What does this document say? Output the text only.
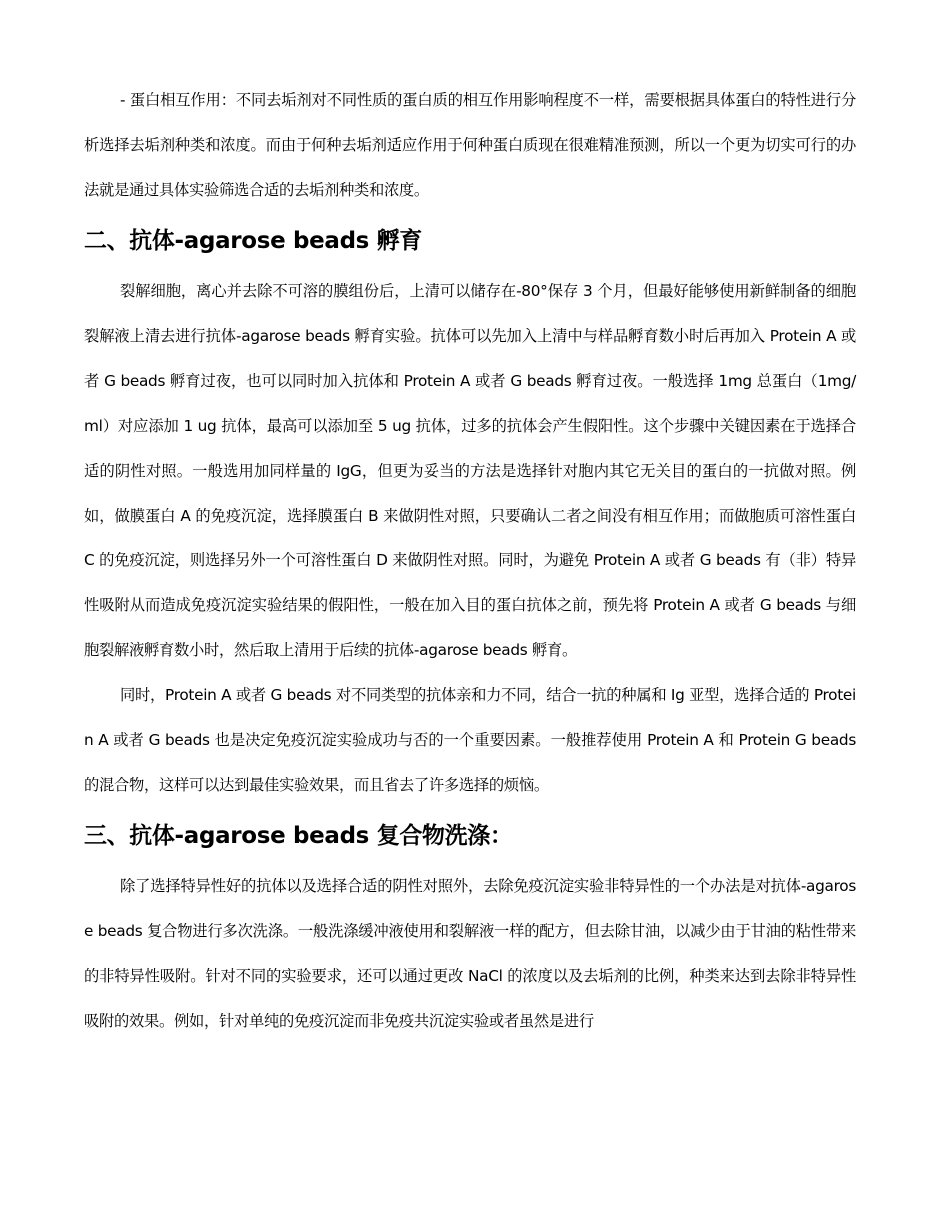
- 蛋白相互作用：不同去垢剂对不同性质的蛋白质的相互作用影响程度不一样，需要根据具体蛋白的特性进行分析选择去垢剂种类和浓度。而由于何种去垢剂适应作用于何种蛋白质现在很难精准预测，所以一个更为切实可行的办法就是通过具体实验筛选合适的去垢剂种类和浓度。

二、抗体-agarose beads 孵育

裂解细胞，离心并去除不可溶的膜组份后，上清可以储存在-80°保存 3 个月，但最好能够使用新鲜制备的细胞裂解液上清去进行抗体-agarose beads 孵育实验。抗体可以先加入上清中与样品孵育数小时后再加入 Protein A 或者 G beads 孵育过夜，也可以同时加入抗体和 Protein A 或者 G beads 孵育过夜。一般选择 1mg 总蛋白（1mg/ml）对应添加 1 ug 抗体，最高可以添加至 5 ug 抗体，过多的抗体会产生假阳性。这个步骤中关键因素在于选择合适的阴性对照。一般选用加同样量的 IgG，但更为妥当的方法是选择针对胞内其它无关目的蛋白的一抗做对照。例如，做膜蛋白 A 的免疫沉淀，选择膜蛋白 B 来做阴性对照，只要确认二者之间没有相互作用；而做胞质可溶性蛋白 C 的免疫沉淀，则选择另外一个可溶性蛋白 D 来做阴性对照。同时，为避免 Protein A 或者 G beads 有（非）特异性吸附从而造成免疫沉淀实验结果的假阳性，一般在加入目的蛋白抗体之前，预先将 Protein A 或者 G beads 与细胞裂解液孵育数小时，然后取上清用于后续的抗体-agarose beads 孵育。

同时，Protein A 或者 G beads 对不同类型的抗体亲和力不同，结合一抗的种属和 Ig 亚型，选择合适的 Protein A 或者 G beads 也是决定免疫沉淀实验成功与否的一个重要因素。一般推荐使用 Protein A 和 Protein G beads 的混合物，这样可以达到最佳实验效果，而且省去了许多选择的烦恼。

三、抗体-agarose beads 复合物洗涤：

除了选择特异性好的抗体以及选择合适的阴性对照外，去除免疫沉淀实验非特异性的一个办法是对抗体-agarose beads 复合物进行多次洗涤。一般洗涤缓冲液使用和裂解液一样的配方，但去除甘油，以减少由于甘油的粘性带来的非特异性吸附。针对不同的实验要求，还可以通过更改 NaCl 的浓度以及去垢剂的比例，种类来达到去除非特异性吸附的效果。例如，针对单纯的免疫沉淀而非免疫共沉淀实验或者虽然是进行
